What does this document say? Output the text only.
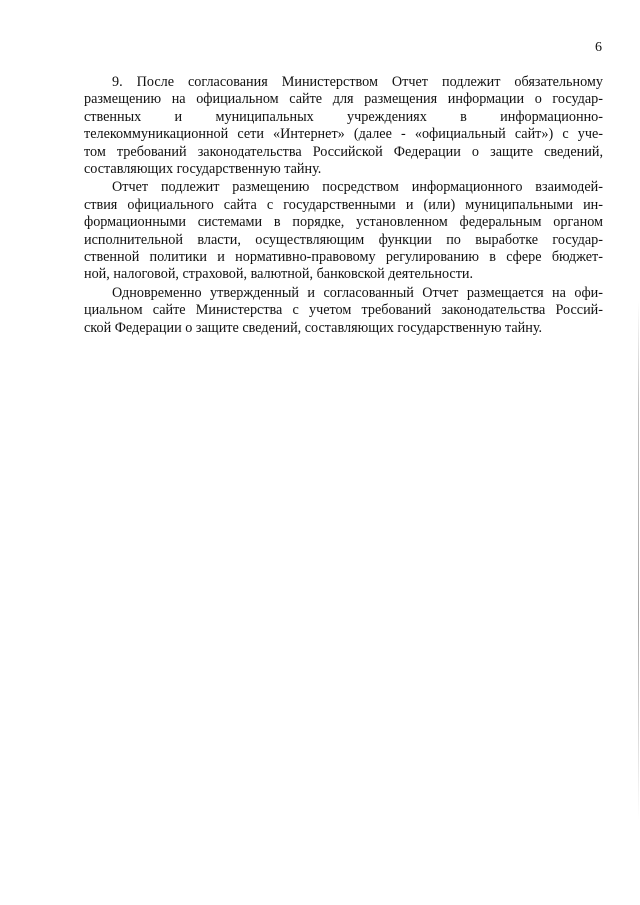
6

9. После согласования Министерством Отчет подлежит обязательному
размещению на официальном сайте для размещения информации о государ-
ственных и муниципальных учреждениях в информационно-
телекоммуникационной сети «Интернет» (далее - «официальный сайт») с уче-
том требований законодательства Российской Федерации о защите сведений,
составляющих государственную тайну.

Отчет подлежит размещению посредством информационного взаимодей-
ствия официального сайта с государственными и (или) муниципальными ин-
формационными системами в порядке, установленном федеральным органом
исполнительной власти, осуществляющим функции по выработке государ-
ственной политики и нормативно-правовому регулированию в сфере бюджет-
ной, налоговой, страховой, валютной, банковской деятельности.

Одновременно утвержденный и согласованный Отчет размещается на офи-
циальном сайте Министерства с учетом требований законодательства Россий-
ской Федерации о защите сведений, составляющих государственную тайну.
